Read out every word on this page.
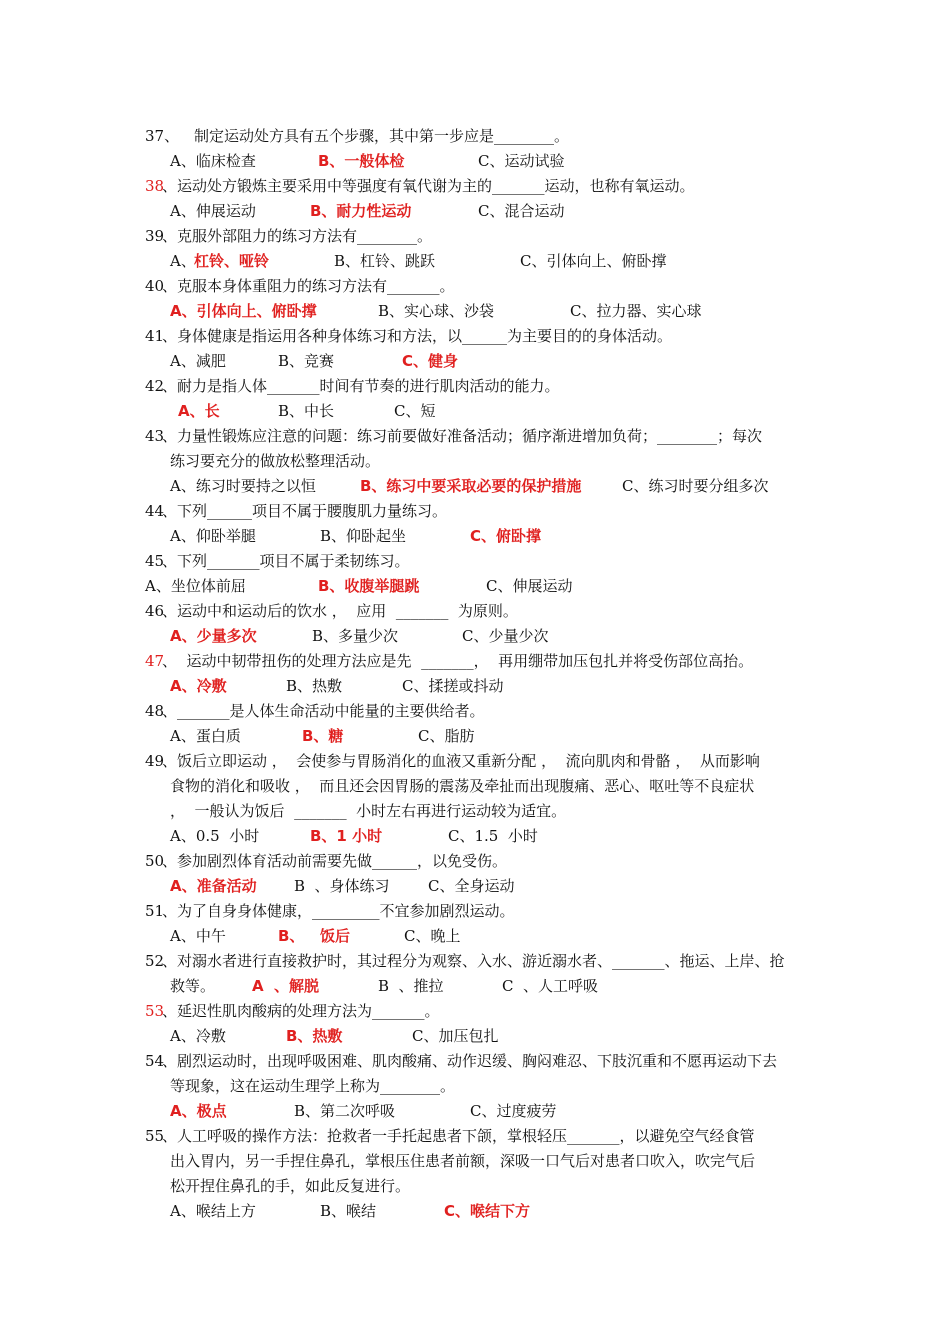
37、

制定运动处方具有五个步骤，其中第一步应是________。

A、临床检查

	B、一般体检

	C、运动试验

38

、运动处方锻炼主要采用中等强度有氧代谢为主的_______运动，也称有氧运动。

A、伸展运动

	B、耐力性运动

	C、混合运动

39

、克服外部阻力的练习方法有________。

A、

杠铃、哑铃

	B、杠铃、跳跃

	C、引体向上、俯卧撑

40

、克服本身体重阻力的练习方法有_______。

A、引体向上、俯卧撑

	B、实心球、沙袋

	C、拉力器、实心球

41

、身体健康是指运用各种身体练习和方法，以______为主要目的的身体活动。

A、减肥

	B、竞赛

	C、健身

42

、耐力是指人体_______时间有节奏的进行肌肉活动的能力。

A、长

	B、中长

	C、短

43

、力量性锻炼应注意的问题：练习前要做好准备活动；循序渐进增加负荷；________；每次

练习要充分的做放松整理活动。

A、练习时要持之以恒

	B、练习中要采取必要的保护措施

	C、练习时要分组多次

44

、下列______项目不属于腰腹肌力量练习。

A、仰卧举腿

	B、仰卧起坐

	C、俯卧撑

45

、下列_______项目不属于柔韧练习。

A、坐位体前屈

	B、收腹举腿跳

	C、伸展运动

46

、运动中和运动后的饮水 ，  应用  _______  为原则。

A、少量多次

	B、多量少次

	C、少量少次

47

、  运动中韧带扭伤的处理方法应是先  _______，  再用绷带加压包扎并将受伤部位高抬。

A、冷敷

	B、热敷

	C、揉搓或抖动

48

、_______是人体生命活动中能量的主要供给者。

A、蛋白质

	B、糖

	C、脂肪

49

、饭后立即运动 ，  会使参与胃肠消化的血液又重新分配 ，  流向肌肉和骨骼 ，  从而影响

食物的消化和吸收 ，  而且还会因胃肠的震荡及牵扯而出现腹痛、恶心、呕吐等不良症状

，  一般认为饭后  _______  小时左右再进行运动较为适宜。

A、0.5  小时

	B、1 小时

	C、1.5  小时

50

、参加剧烈体育活动前需要先做______，以免受伤。

A、准备活动

B  、身体练习

	C、全身运动

51

、为了自身身体健康，_________不宜参加剧烈运动。

A、中午

	B、

饭后

	C、晚上

52

、对溺水者进行直接救护时，其过程分为观察、入水、游近溺水者、_______、拖运、上岸、抢

救等。

A  、解脱

	B  、推拉

	C  、人工呼吸

53

、延迟性肌肉酸病的处理方法为_______。

A、冷敷

	B、热敷

	C、加压包扎

54

、剧烈运动时，出现呼吸困难、肌肉酸痛、动作迟缓、胸闷难忍、下肢沉重和不愿再运动下去

等现象，这在运动生理学上称为________。

A、极点

	B、第二次呼吸

	C、过度疲劳

55

、人工呼吸的操作方法：抢救者一手托起患者下颌，掌根轻压_______，以避免空气经食管

出入胃内，另一手捏住鼻孔，掌根压住患者前额，深吸一口气后对患者口吹入，吹完气后

松开捏住鼻孔的手，如此反复进行。

A、喉结上方

	B、喉结

	C、喉结下方
